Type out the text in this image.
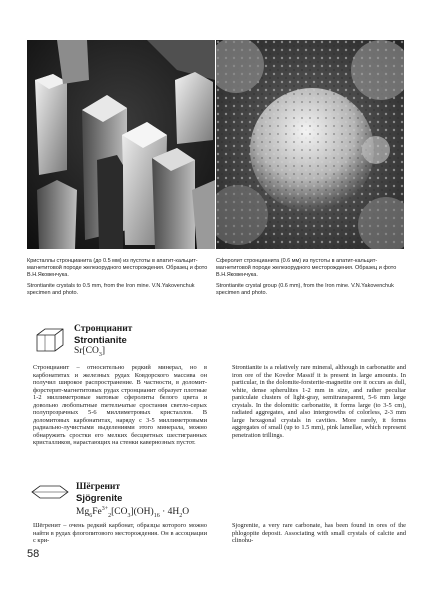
Кристаллы стронцианита (до 0.5 мм) из пустоты в апатит-кальцит-магнетитовой породе железорудного месторождения. Образец и фото В.Н.Яковенчука.

Strontianite crystals to 0.5 mm, from the Iron mine. V.N.Yakovenchuk specimen and photo.

Сферолит стронцианита (0.6 мм) из пустоты в апатит-кальцит-магнетитовой породе железорудного месторождения. Образец и фото В.Н.Яковенчука.

Strontianite crystal group (0.6 mm), from the Iron mine. V.N.Yakovenchuk specimen and photo.

Стронцианит
Strontianite
$Sr[CO_3]$

Стронцианит – относительно редкий минерал, но в карбонатитах и железных рудах Ковдорского массива он получил широкое распространение. В частности, в доломит-форстерит-магнетитовых рудах стронцианит образует плотные 1-2 миллиметровые матовые сферолиты белого цвета и довольно любопытные meтельчатые сростания светло-серых полупрозрачных 5-6 миллиметровых кристаллов. В доломитовых карбонатитах, наряду с 3-5 миллиметровыми радиально-лучистыми выделениями этого минерала, можно обнаружить сростки его мелких бесцветных шестигранных кристалликов, нарастающих на стенки кавернозных пустот.

Strontianite is a relatively rare mineral, although in carbonatite and iron ore of the Kovdor Massif it is present in large amounts. In particular, in the dolomite-forsterite-magnetite ore it occurs as dull, white, dense spherulites 1-2 mm in size, and rather peculiar paniculate clusters of light-gray, semitransparent, 5-6 mm large crystals. In the dolomitic carbonatite, it forms large (to 3-5 cm), radiated aggregates, and also intergrowths of colorless, 2-3 mm large hexagonal crystals in cavities. More rarely, it forms aggregates of small (up to 1.5 mm), pink lamellae, which represent penetration trillings.

Шёгренит
Sjögrenite
$Mg_6Fe^{3+}_2[CO_3](OH)_{16} \cdot 4H_2O$

Шёгренит – очень редкий карбонат, образцы которого можно найти в рудах флогопитового месторождения. Он в ассоциации с кри-

Sjogrenite, a very rare carbonate, has been found in ores of the phlogopite deposit. Associating with small crystals of calcite and clinohu-

58
